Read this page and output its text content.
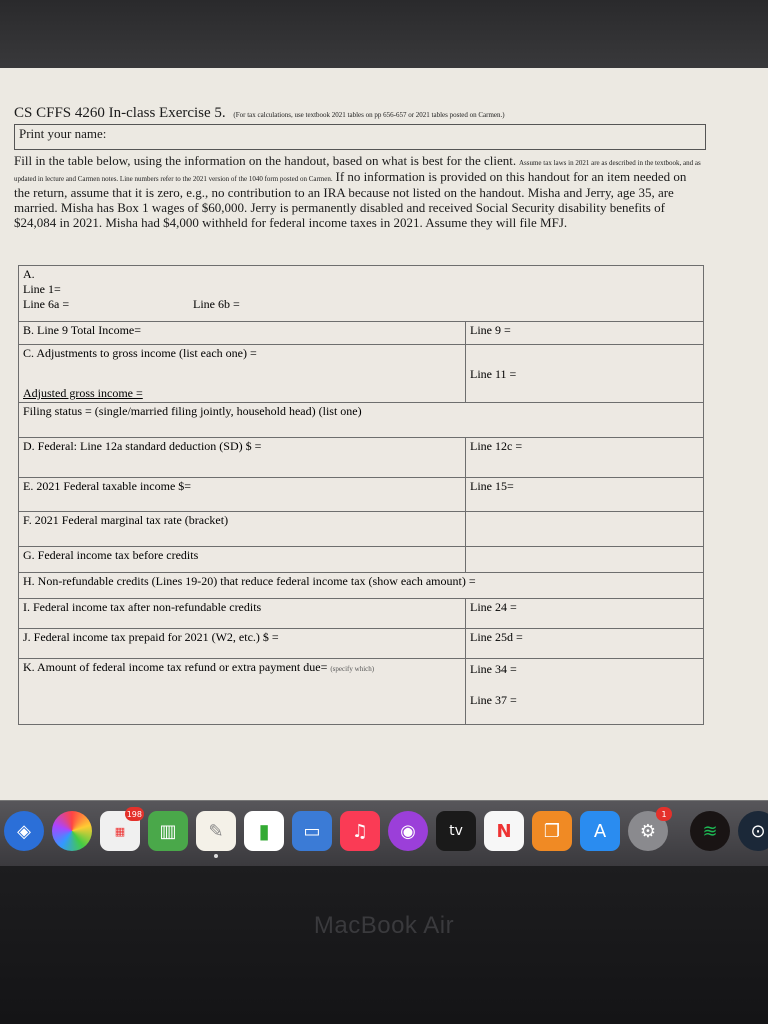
CS CFFS 4260 In-class Exercise 5. (For tax calculations, use textbook 2021 tables on pp 656-657 or 2021 tables posted on Carmen.)
Print your name:
Fill in the table below, using the information on the handout, based on what is best for the client. Assume tax laws in 2021 are as described in the textbook, and as updated in lecture and Carmen notes. Line numbers refer to the 2021 version of the 1040 form posted on Carmen. If no information is provided on this handout for an item needed on the return, assume that it is zero, e.g., no contribution to an IRA because not listed on the handout. Misha and Jerry, age 35, are married. Misha has Box 1 wages of $60,000. Jerry is permanently disabled and received Social Security disability benefits of $24,084 in 2021. Misha had $4,000 withheld for federal income taxes in 2021. Assume they will file MFJ.
A.
Line 1=
Line 6a = Line 6b =	

B. Line 9 Total Income=	Line 9 =

C. Adjustments to gross income (list each one) =
Adjusted gross income =	Line 11 =
Filing status = (single/married filing jointly, household head) (list one)	
D. Federal: Line 12a standard deduction (SD) $ =	Line 12c =
E. 2021 Federal taxable income $=	Line 15=
F. 2021 Federal marginal tax rate (bracket)	
G. Federal income tax before credits	
H. Non-refundable credits (Lines 19-20) that reduce federal income tax (show each amount) =	
I. Federal income tax after non-refundable credits	Line 24 =
J. Federal income tax prepaid for 2021 (W2, etc.) $ =	Line 25d =
K. Amount of federal income tax refund or extra payment due= (specify which)	Line 34 =
Line 37 =
◈	▦
198
▥	✎	▮	▭	♫	◉	tv	N	❐	A	⚙
1
≋	⊙
MacBook Air
